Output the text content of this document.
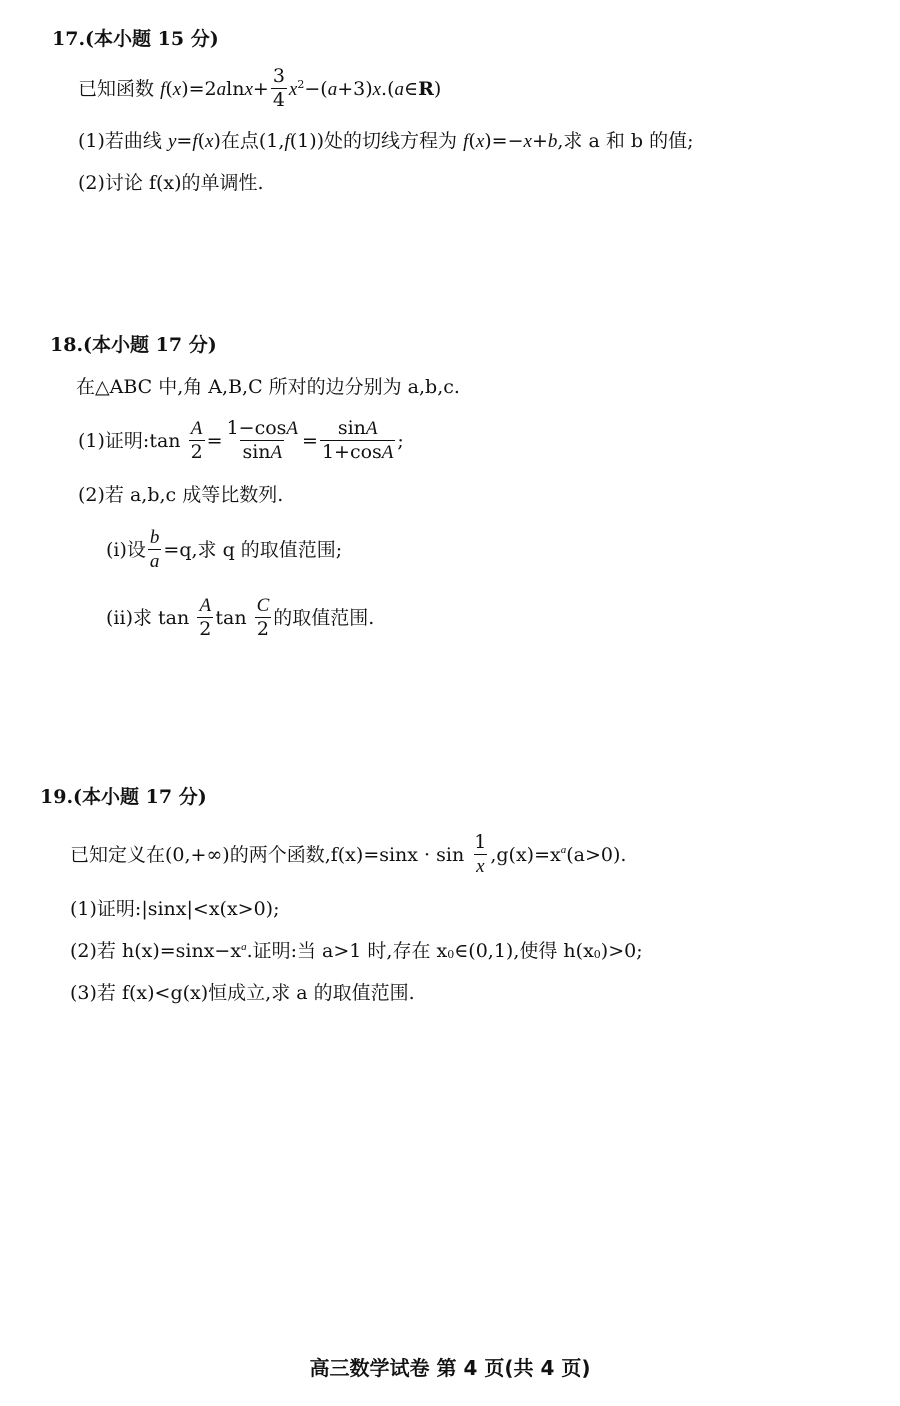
17.(本小题 15 分)
已知函数
f ( x )=2 a $\ln x + \frac{3}{4} x^2$ −( a +3) x .( a ∈ R )
(1)若曲线
y = f ( x ) 在点(1, f (1) )处的切线方程为
f ( x )=− x + b ,求 a 和 b 的值;
(2)讨论 f(x)的单调性.
18.(本小题 17 分)
在△ABC 中,角 A,B,C 所对的边分别为 a,b,c.
(1)证明:tan
$\frac{A}{2} = \frac{1-\cos A}{\sin A} = \frac{\sin A}{1+\cos A}$ ;
(2)若 a,b,c 成等比数列.
(i)设 $\frac{b}{a} =q$,求 q 的取值范围;
(ii)求 tan
$\frac{A}{2}$ tan
$\frac{C}{2}$ 的取值范围.
19.(本小题 17 分)
已知定义在(0,+∞)的两个函数,f(x)=sinx · sin
$\frac{1}{x} ,g(x)=x$ $^a$ (a>0).
(1)证明:|sinx|<x(x>0);
(2)若 h(x)=sinx−x $^a$ .证明:当 a>1 时,存在 $x_0$ ∈(0,1),使得 $h(x_0$ )>0;
(3)若 f(x)<g(x)恒成立,求 a 的取值范围.
高三数学试卷 第 4 页(共 4 页)
